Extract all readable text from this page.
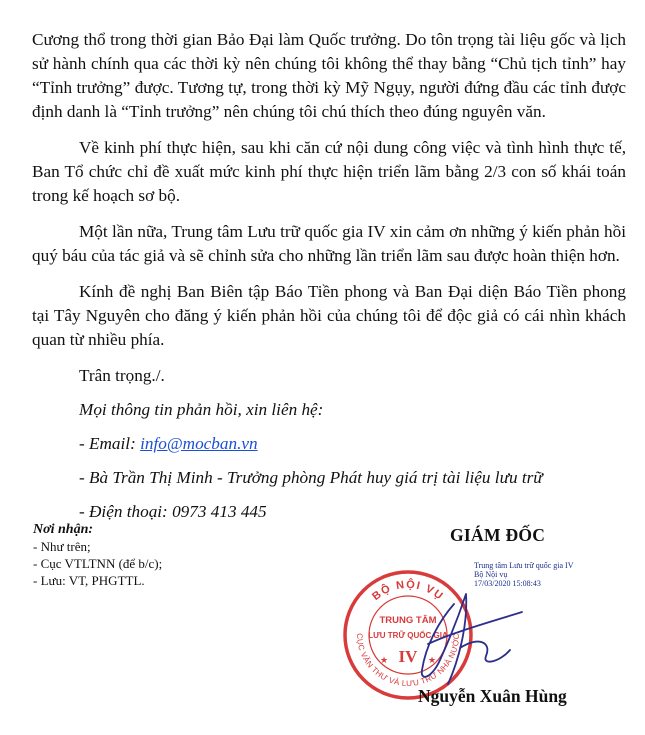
Cương thổ trong thời gian Bảo Đại làm Quốc trưởng. Do tôn trọng tài liệu gốc và lịch sử hành chính qua các thời kỳ nên chúng tôi không thể thay bằng “Chủ tịch tỉnh” hay “Tỉnh trưởng” được. Tương tự, trong thời kỳ Mỹ Ngụy, người đứng đầu các tỉnh được định danh là “Tỉnh trưởng” nên chúng tôi chú thích theo đúng nguyên văn.

Về kinh phí thực hiện, sau khi căn cứ nội dung công việc và tình hình thực tế, Ban Tổ chức chỉ đề xuất mức kinh phí thực hiện triển lãm bằng 2/3 con số khái toán trong kế hoạch sơ bộ.

Một lần nữa, Trung tâm Lưu trữ quốc gia IV xin cảm ơn những ý kiến phản hồi quý báu của tác giả và sẽ chỉnh sửa cho những lần triển lãm sau được hoàn thiện hơn.

Kính đề nghị Ban Biên tập Báo Tiền phong và Ban Đại diện Báo Tiền phong tại Tây Nguyên cho đăng ý kiến phản hồi của chúng tôi để độc giả có cái nhìn khách quan từ nhiều phía.

Trân trọng./.
Mọi thông tin phản hồi, xin liên hệ:
- Email: info@mocban.vn
- Bà Trần Thị Minh - Trưởng phòng Phát huy giá trị tài liệu lưu trữ
- Điện thoại: 0973 413 445
Nơi nhận:
- Như trên;
- Cục VTLTNN (để b/c);
- Lưu: VT, PHGTTL.
GIÁM ĐỐC
Trung tâm Lưu trữ quốc gia IV
Bộ Nội vụ
17/03/2020 15:08:43
BỘ NỘI VỤ
CỤC VĂN THƯ VÀ LƯU TRỮ NHÀ NƯỚC
TRUNG TÂM
LƯU TRỮ QUỐC GIA
IV
★	★
Nguyễn Xuân Hùng
